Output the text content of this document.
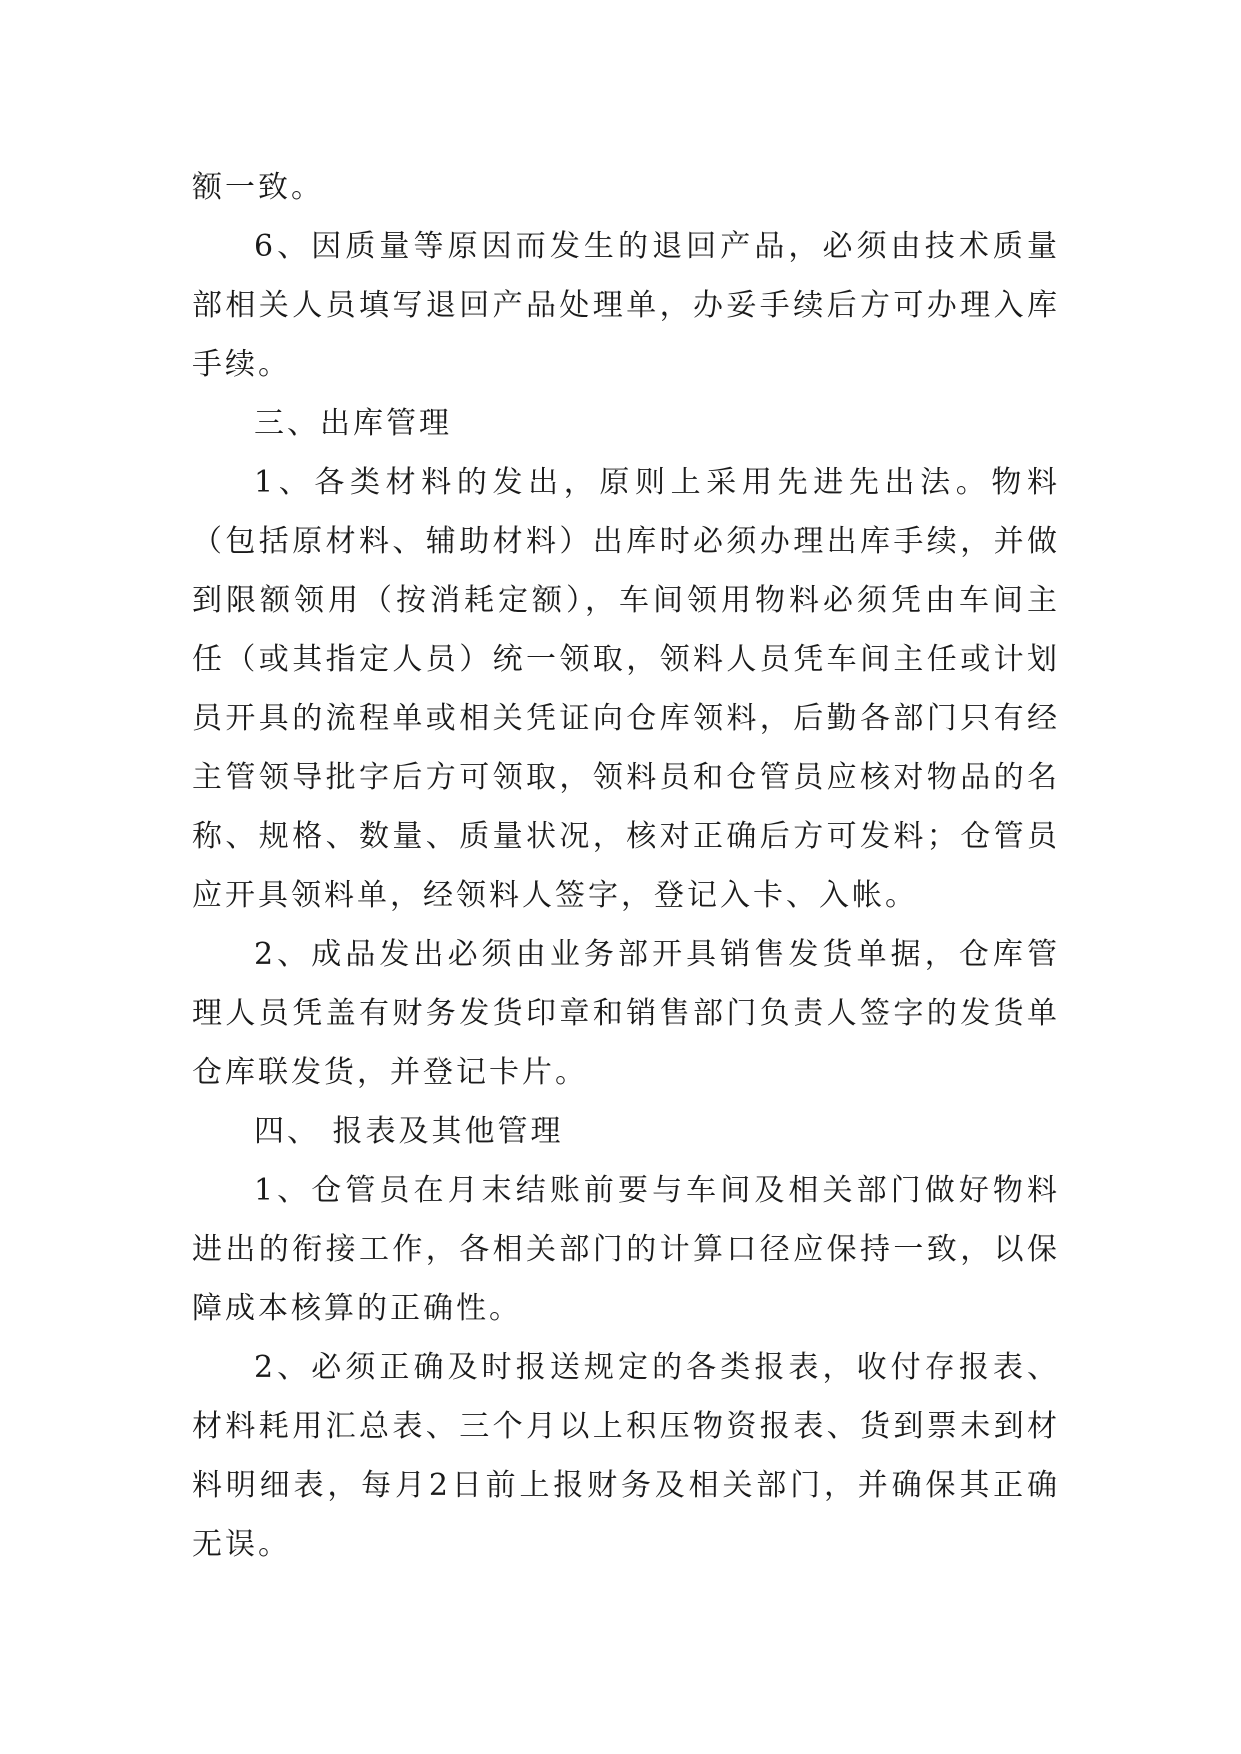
额一致。

6、因质量等原因而发生的退回产品，必须由技术质量部相关人员填写退回产品处理单，办妥手续后方可办理入库手续。

三、出库管理

1、各类材料的发出，原则上采用先进先出法。物料（包括原材料、辅助材料）出库时必须办理出库手续，并做到限额领用（按消耗定额），车间领用物料必须凭由车间主任（或其指定人员）统一领取，领料人员凭车间主任或计划员开具的流程单或相关凭证向仓库领料，后勤各部门只有经主管领导批字后方可领取，领料员和仓管员应核对物品的名称、规格、数量、质量状况，核对正确后方可发料；仓管员应开具领料单，经领料人签字，登记入卡、入帐。

2、成品发出必须由业务部开具销售发货单据，仓库管理人员凭盖有财务发货印章和销售部门负责人签字的发货单仓库联发货，并登记卡片。

四、 报表及其他管理

1、仓管员在月末结账前要与车间及相关部门做好物料进出的衔接工作，各相关部门的计算口径应保持一致，以保障成本核算的正确性。

2、必须正确及时报送规定的各类报表，收付存报表、材料耗用汇总表、三个月以上积压物资报表、货到票未到材料明细表，每月2日前上报财务及相关部门，并确保其正确无误。
